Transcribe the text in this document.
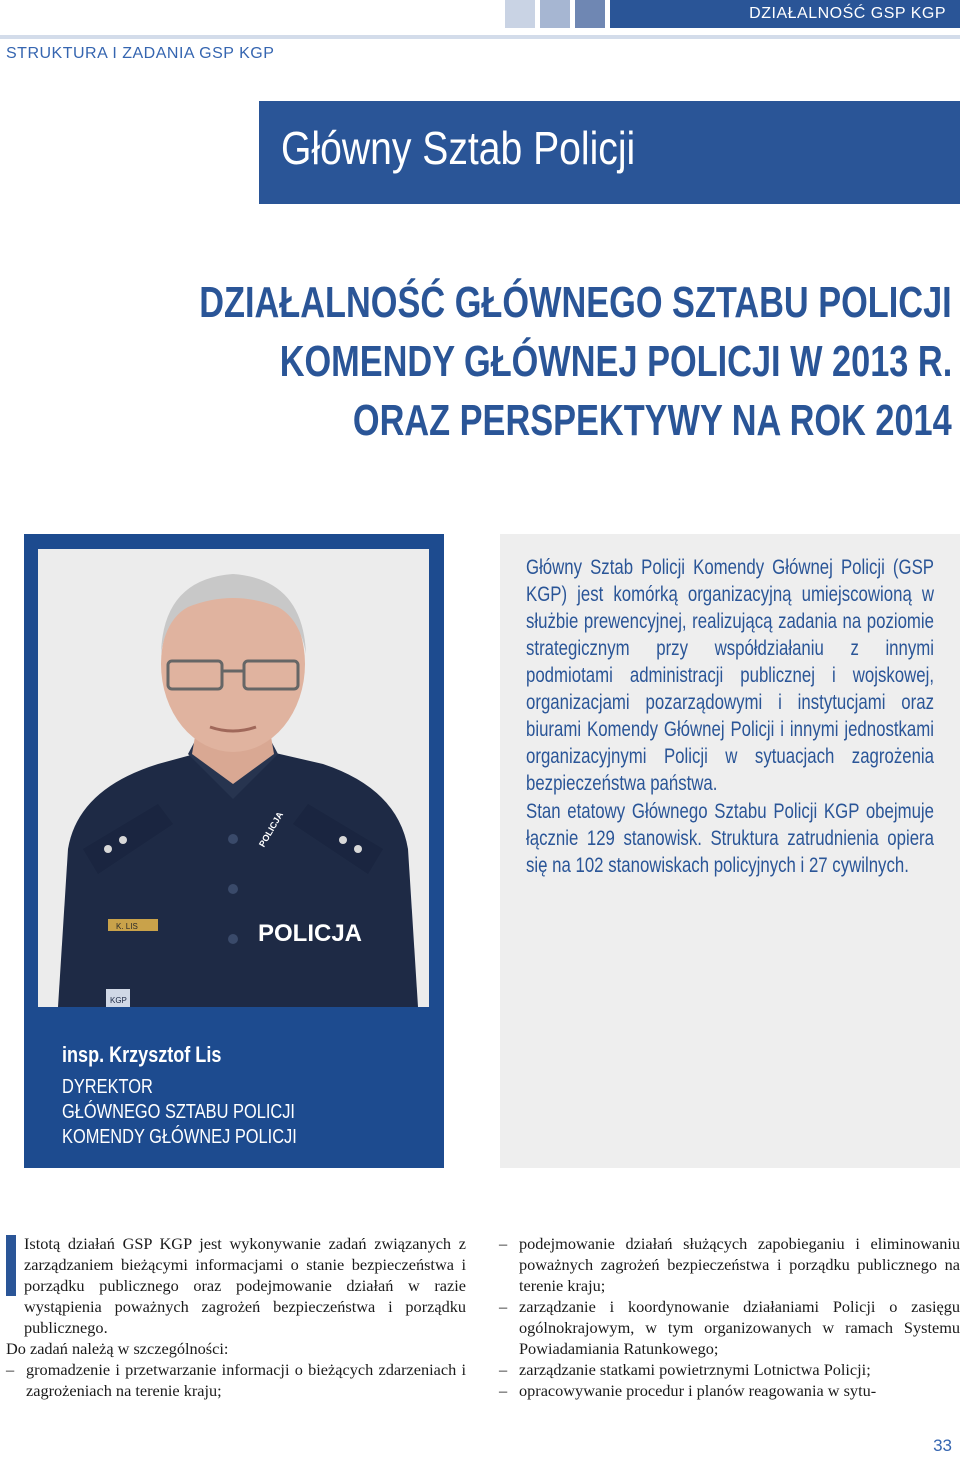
DZIAŁALNOŚĆ GSP KGP
STRUKTURA I ZADANIA GSP KGP
Główny Sztab Policji
DZIAŁALNOŚĆ GŁÓWNEGO SZTABU POLICJI
KOMENDY GŁÓWNEJ POLICJI W 2013 R.
ORAZ PERSPEKTYWY NA ROK 2014
POLICJA
POLICJA
K. LIS
KGP
insp. Krzysztof Lis
DYREKTOR
GŁÓWNEGO SZTABU POLICJI
KOMENDY GŁÓWNEJ POLICJI

Główny Sztab Policji Komendy Głównej Policji (GSP KGP) jest komórką organizacyjną umiejscowioną w służbie prewencyjnej, realizującą zadania na poziomie strategicznym przy współdziałaniu z innymi podmiotami administracji publicznej i wojskowej, organizacjami pozarządowymi i instytucjami oraz biurami Komendy Głównej Policji i innymi jednostkami organizacyjnymi Policji w sytuacjach zagrożenia bezpieczeństwa państwa.

Stan etatowy Głównego Sztabu Policji KGP obejmuje łącznie 129 stanowisk. Struktura zatrudnienia opiera się na 102 stanowiskach policyjnych i 27 cywilnych.

Istotą działań GSP KGP jest wykonywanie zadań związanych z zarządzaniem bieżącymi informacjami o stanie bezpieczeństwa i porządku publicznego oraz podejmowanie działań w razie wystąpienia poważnych zagrożeń bezpieczeństwa i porządku publicznego.

Do zadań należą w szczególności:

– gromadzenie i przetwarzanie informacji o bieżących zdarzeniach i zagrożeniach na terenie kraju;
– podejmowanie działań służących zapobieganiu i eliminowaniu poważnych zagrożeń bezpieczeństwa i porządku publicznego na terenie kraju;
– zarządzanie i koordynowanie działaniami Policji o zasięgu ogólnokrajowym, w tym organizowanych w ramach Systemu Powiadamiania Ratunkowego;
– zarządzanie statkami powietrznymi Lotnictwa Policji;
– opracowywanie procedur i planów reagowania w sytu-
33
